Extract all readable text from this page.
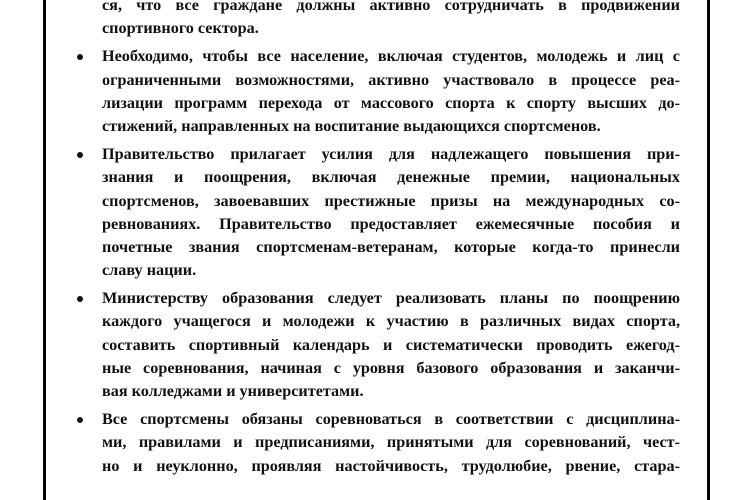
ся, что все граждане должны активно сотрудничать в продвижении
спортивного сектора.
Необходимо, чтобы все население, включая студентов, молодежь и лиц с
ограниченными возможностями, активно участвовало в процессе реа-
лизации программ перехода от массового спорта к спорту высших до-
стижений, направленных на воспитание выдающихся спортсменов.
Правительство прилагает усилия для надлежащего повышения при-
знания и поощрения, включая денежные премии, национальных
спортсменов, завоевавших престижные призы на международных со-
ревнованиях. Правительство предоставляет ежемесячные пособия и
почетные звания спортсменам-ветеранам, которые когда-то принесли
славу нации.
Министерству образования следует реализовать планы по поощрению
каждого учащегося и молодежи к участию в различных видах спорта,
составить спортивный календарь и систематически проводить ежегод-
ные соревнования, начиная с уровня базового образования и заканчи-
вая колледжами и университетами.
Все спортсмены обязаны соревноваться в соответствии с дисциплина-
ми, правилами и предписаниями, принятыми для соревнований, чест-
но и неуклонно, проявляя настойчивость, трудолюбие, рвение, стара-
